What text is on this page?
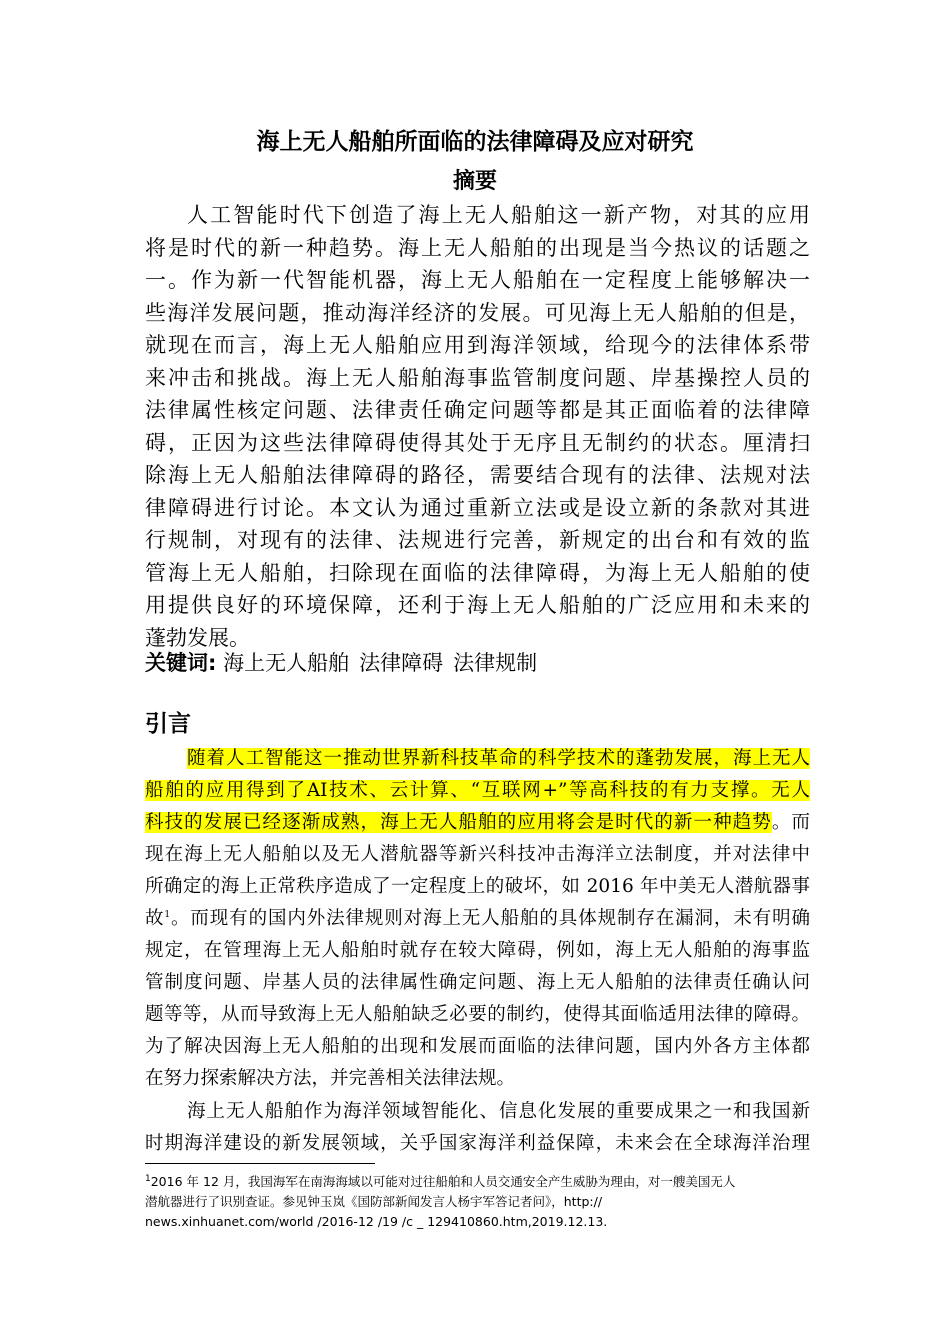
海上无人船舶所面临的法律障碍及应对研究
摘要
人工智能时代下创造了海上无人船舶这一新产物，对其的应用
将是时代的新一种趋势。海上无人船舶的出现是当今热议的话题之
一。作为新一代智能机器，海上无人船舶在一定程度上能够解决一
些海洋发展问题，推动海洋经济的发展。可见海上无人船舶的但是，
就现在而言，海上无人船舶应用到海洋领域，给现今的法律体系带
来冲击和挑战。海上无人船舶海事监管制度问题、岸基操控人员的
法律属性核定问题、法律责任确定问题等都是其正面临着的法律障
碍，正因为这些法律障碍使得其处于无序且无制约的状态。厘清扫
除海上无人船舶法律障碍的路径，需要结合现有的法律、法规对法
律障碍进行讨论。本文认为通过重新立法或是设立新的条款对其进
行规制，对现有的法律、法规进行完善，新规定的出台和有效的监
管海上无人船舶，扫除现在面临的法律障碍，为海上无人船舶的使
用提供良好的环境保障，还利于海上无人船舶的广泛应用和未来的
蓬勃发展。
关键词: 海上无人船舶 法律障碍 法律规制
引言
随着人工智能这一推动世界新科技革命的科学技术的蓬勃发展，海上无人
船舶的应用得到了AI技术、云计算、“互联网+”等高科技的有力支撑。无人
科技的发展已经逐渐成熟，海上无人船舶的应用将会是时代的新一种趋势。而
现在海上无人船舶以及无人潜航器等新兴科技冲击海洋立法制度，并对法律中
所确定的海上正常秩序造成了一定程度上的破坏，如 2016 年中美无人潜航器事
故$^1$。而现有的国内外法律规则对海上无人船舶的具体规制存在漏洞，未有明确
规定，在管理海上无人船舶时就存在较大障碍，例如，海上无人船舶的海事监
管制度问题、岸基人员的法律属性确定问题、海上无人船舶的法律责任确认问
题等等，从而导致海上无人船舶缺乏必要的制约，使得其面临适用法律的障碍。
为了解决因海上无人船舶的出现和发展而面临的法律问题，国内外各方主体都
在努力探索解决方法，并完善相关法律法规。
海上无人船舶作为海洋领域智能化、信息化发展的重要成果之一和我国新
时期海洋建设的新发展领域，关乎国家海洋利益保障，未来会在全球海洋治理
$^1$2016 年 12 月，我国海军在南海海域以可能对过往船舶和人员交通安全产生威胁为理由，对一艘美国无人
潜航器进行了识别查证。参见钟玉岚《国防部新闻发言人杨宇军答记者问》，http://
news.xinhuanet.com/world /2016-12 /19 /c _ 129410860.htm,2019.12.13.
